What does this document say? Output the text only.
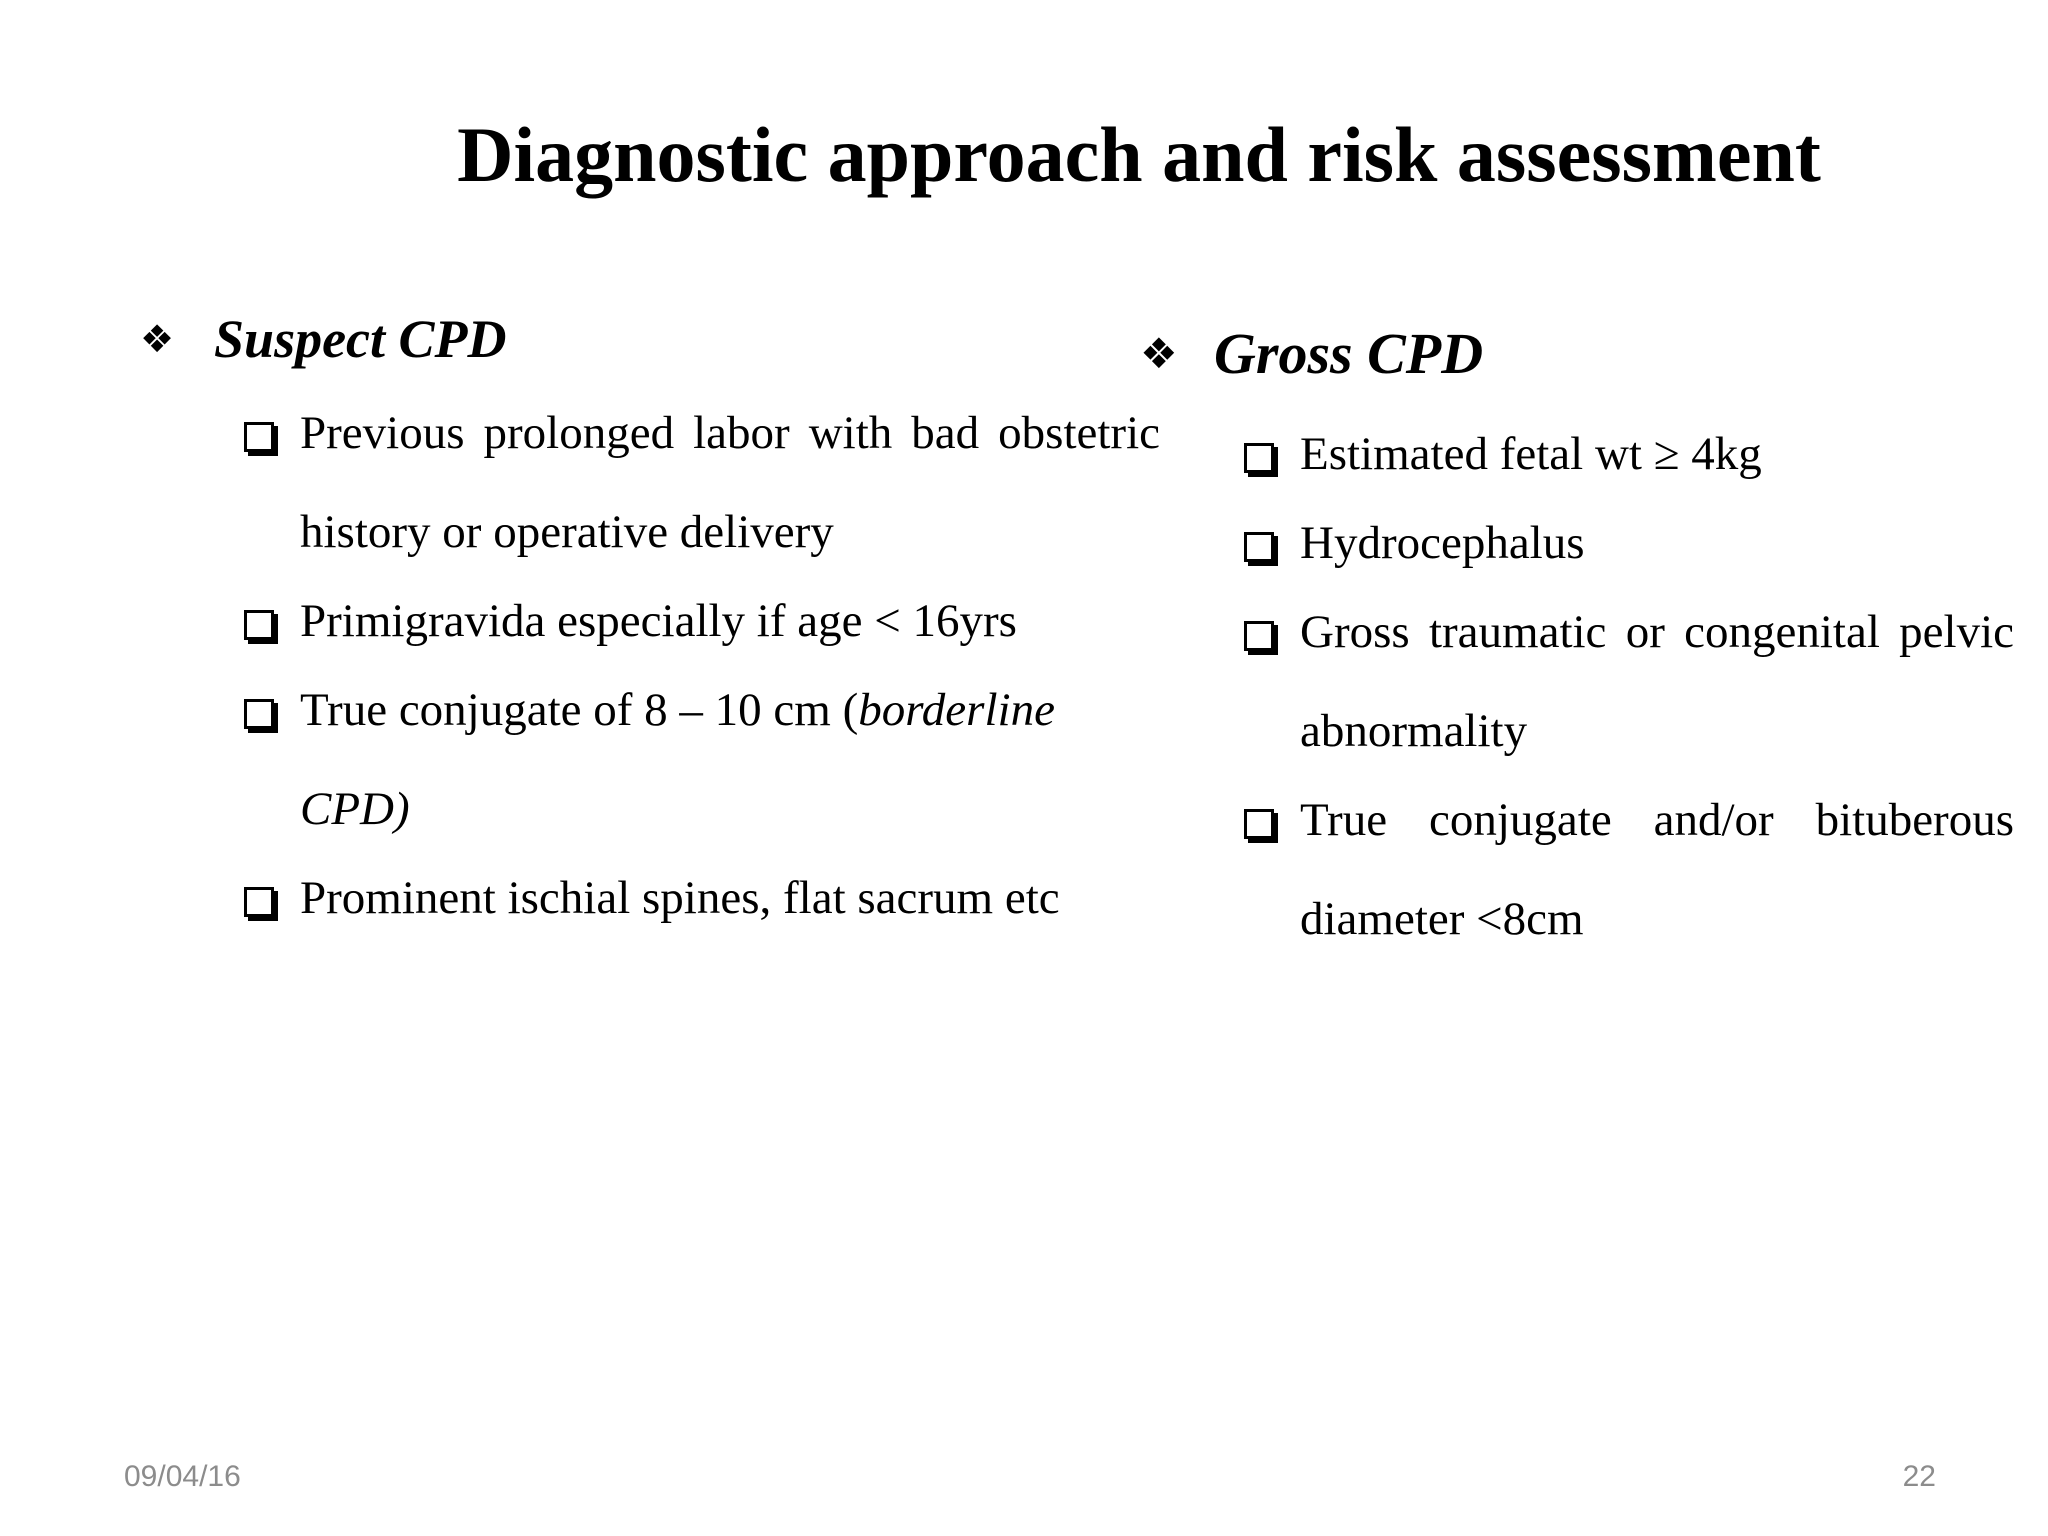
Diagnostic approach and risk assessment
❖ Suspect CPD
Previous prolonged labor with bad obstetric history or operative delivery
Primigravida especially if age < 16yrs
True conjugate of 8 – 10 cm (borderline CPD)
Prominent ischial spines, flat sacrum etc
❖ Gross CPD
Estimated fetal wt ≥ 4kg
Hydrocephalus
Gross traumatic or congenital pelvic abnormality
True conjugate and/or bituberous diameter <8cm
09/04/16	22
